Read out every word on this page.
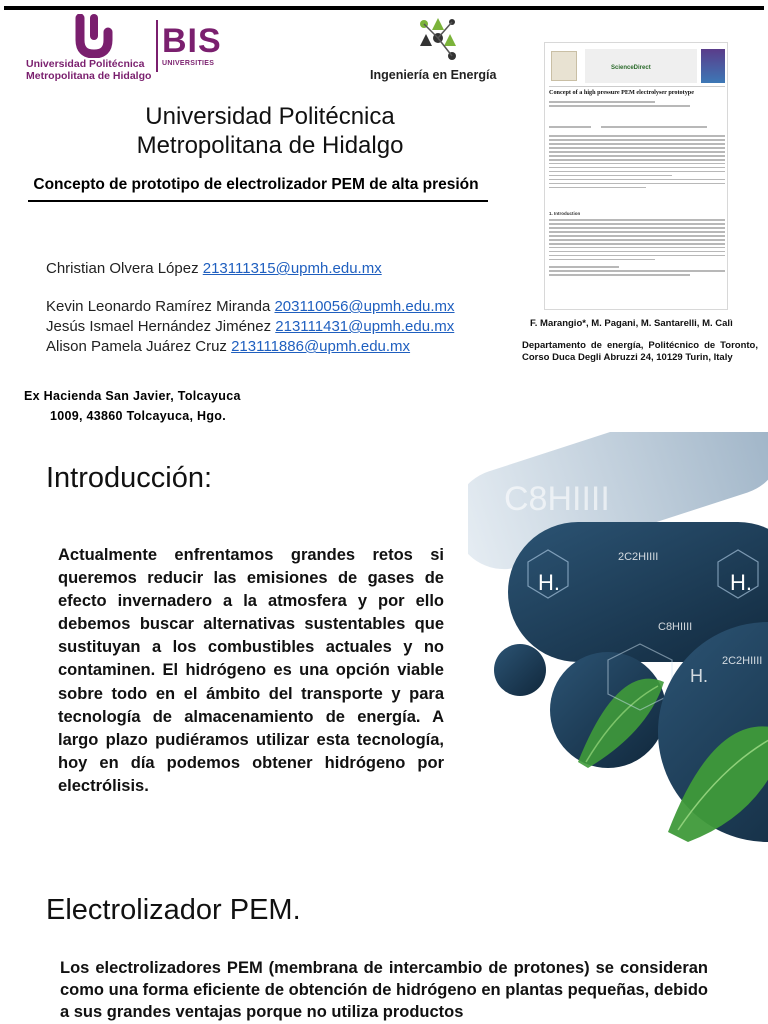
Universidad Politécnica
Metropolitana de Hidalgo
BIS
UNIVERSITIES
Ingeniería en Energía
Universidad Politécnica
Metropolitana de Hidalgo
Concepto de prototipo de electrolizador PEM de alta presión
Christian Olvera López 213111315@upmh.edu.mx
Kevin Leonardo Ramírez Miranda 203110056@upmh.edu.mx
Jesús Ismael Hernández Jiménez 213111431@upmh.edu.mx
Alison Pamela Juárez Cruz 213111886@upmh.edu.mx
Ex Hacienda San Javier, Tolcayuca
1009, 43860 Tolcayuca, Hgo.
ScienceDirect
Concept of a high pressure PEM electrolyser prototype
1. Introduction
F. Marangio*, M. Pagani, M. Santarelli, M. Calì
Departamento de energía, Politécnico de Toronto, Corso Duca Degli Abruzzi 24, 10129 Turin, Italy
Introducción:
Actualmente enfrentamos grandes retos si queremos reducir las emisiones de gases de efecto invernadero a la atmosfera y por ello debemos buscar alternativas sustentables que sustituyan a los combustibles actuales y no contaminen. El hidrógeno es una opción viable sobre todo en el ámbito del transporte y para tecnología de almacenamiento de energía. A largo plazo pudiéramos utilizar esta tecnología, hoy en día podemos obtener hidrógeno por electrólisis.
C8HIIII
H.
2C2HIIII
H.
C8HIIII
H.
2C2HIIII
Electrolizador PEM.
Los electrolizadores PEM (membrana de intercambio de protones) se consideran como una forma eficiente de obtención de hidrógeno en plantas pequeñas, debido a sus grandes ventajas porque no utiliza productos
